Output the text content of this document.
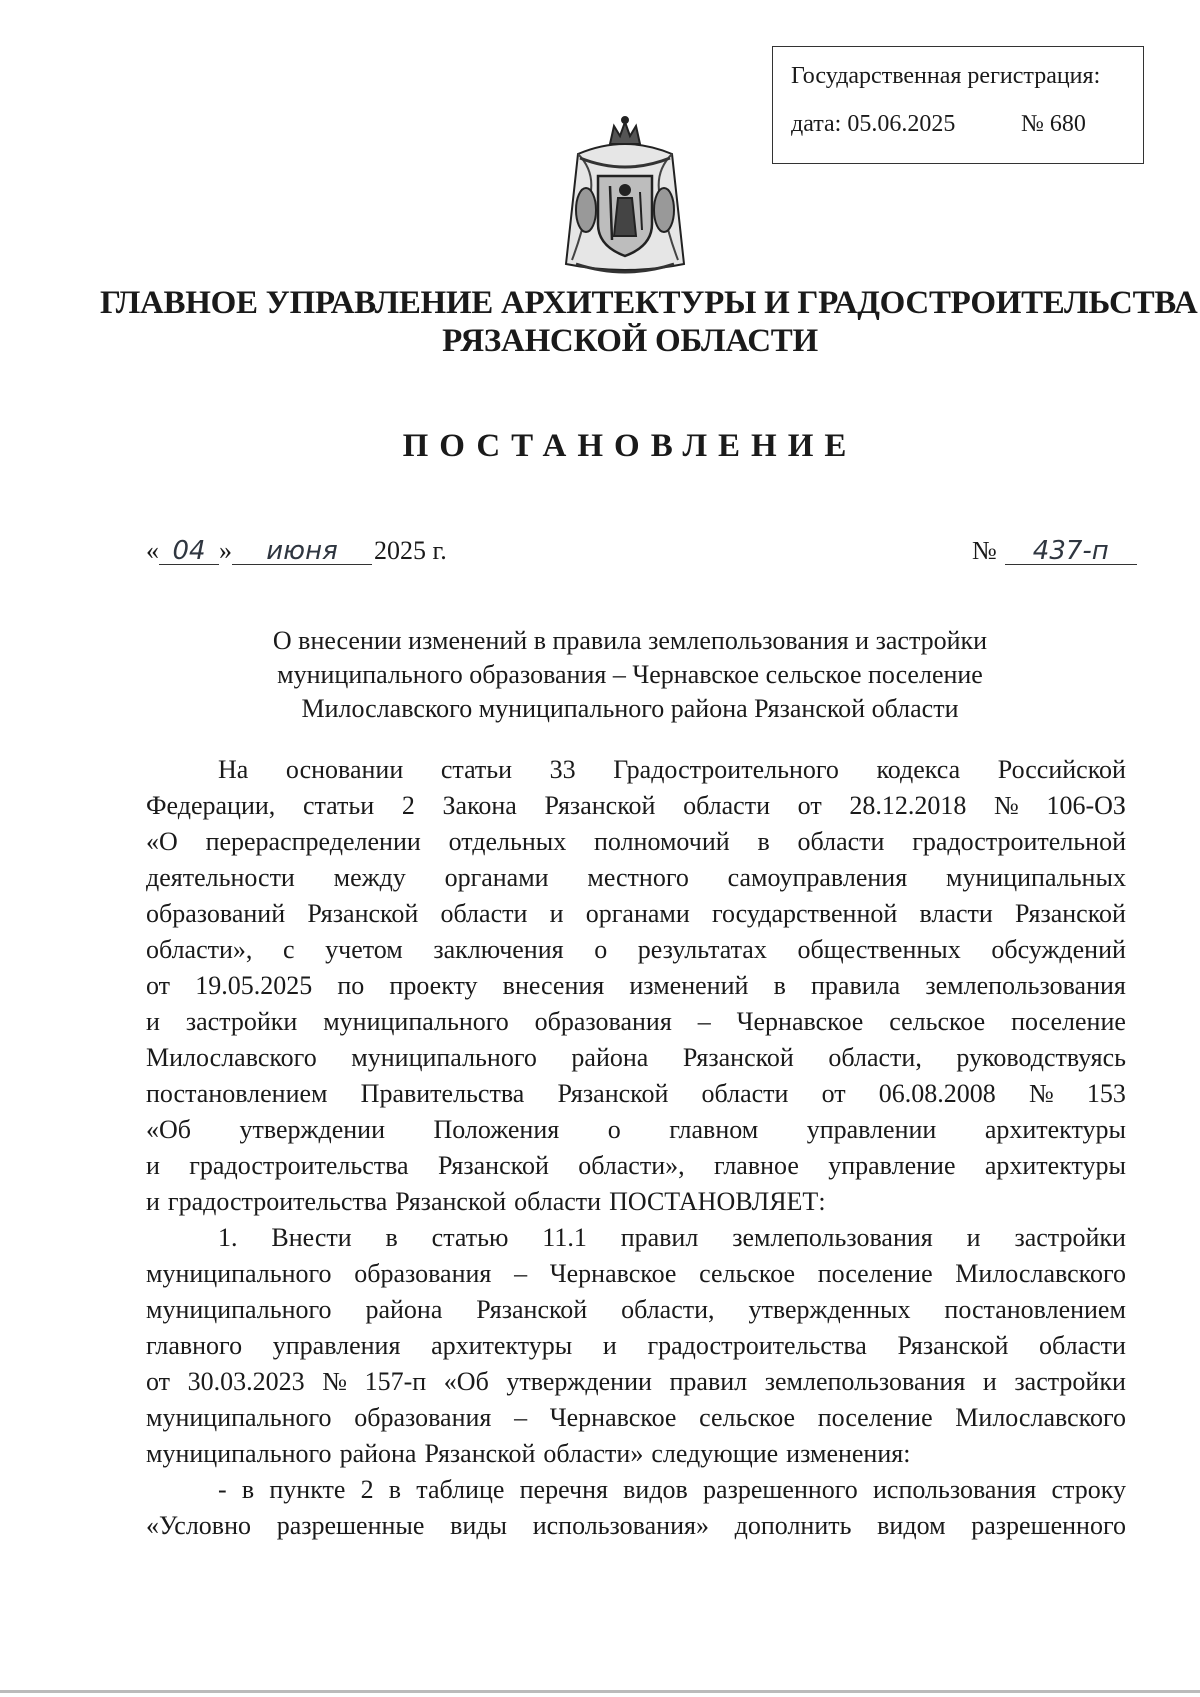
Государственная регистрация:
дата: 05.06.2025	№ 680
ГЛАВНОЕ УПРАВЛЕНИЕ АРХИТЕКТУРЫ И ГРАДОСТРОИТЕЛЬСТВА
РЯЗАНСКОЙ ОБЛАСТИ
ПОСТАНОВЛЕНИЕ
« 04 » июня 2025 г.	№ 437-п
О внесении изменений в правила землепользования и застройки
муниципального образования – Чернавское сельское поселение
Милославского муниципального района Рязанской области
На основании статьи 33 Градостроительного кодекса Российской
Федерации, статьи 2 Закона Рязанской области от 28.12.2018 № 106-ОЗ
«О перераспределении отдельных полномочий в области градостроительной
деятельности между органами местного самоуправления муниципальных
образований Рязанской области и органами государственной власти Рязанской
области», с учетом заключения о результатах общественных обсуждений
от 19.05.2025 по проекту внесения изменений в правила землепользования
и застройки муниципального образования – Чернавское сельское поселение
Милославского муниципального района Рязанской области, руководствуясь
постановлением Правительства Рязанской области от 06.08.2008 № 153
«Об утверждении Положения о главном управлении архитектуры
и градостроительства Рязанской области», главное управление архитектуры
и градостроительства Рязанской области ПОСТАНОВЛЯЕТ:
1. Внести в статью 11.1 правил землепользования и застройки
муниципального образования – Чернавское сельское поселение Милославского
муниципального района Рязанской области, утвержденных постановлением
главного управления архитектуры и градостроительства Рязанской области
от 30.03.2023 № 157-п «Об утверждении правил землепользования и застройки
муниципального образования – Чернавское сельское поселение Милославского
муниципального района Рязанской области» следующие изменения:
- в пункте 2 в таблице перечня видов разрешенного использования строку
«Условно разрешенные виды использования» дополнить видом разрешенного
